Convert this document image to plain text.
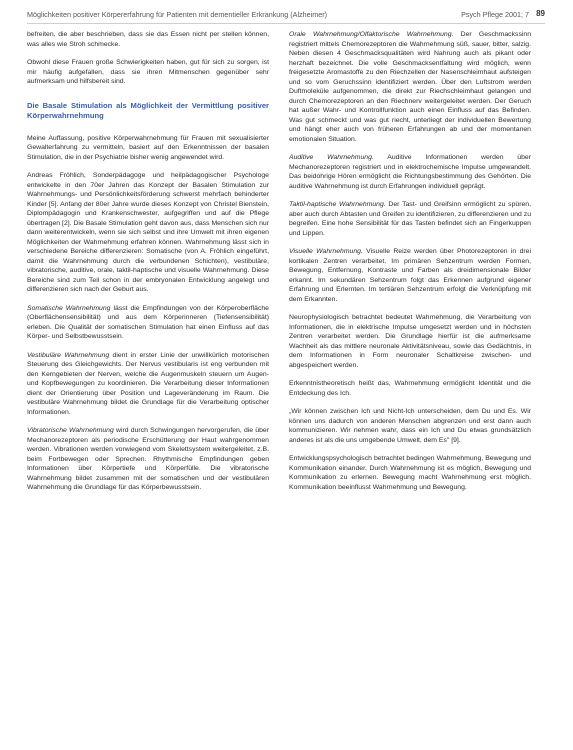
Möglichkeiten positiver Körpererfahrung für Patienten mit dementieller Erkrankung (Alzheimer)	Psych Pflege 2001; 7 89

befreiten, die aber beschrieben, dass sie das Essen nicht per stellen können, was alles wie Stroh schmecke.

Obwohl diese Frauen große Schwierigkeiten haben, gut für sich zu sorgen, ist mir häufig aufgefallen, dass sie ihren Mitmenschen gegenüber sehr aufmerksam und hilfsbereit sind.

Die Basale Stimulation als Möglichkeit der Vermittlung positiver Körperwahrnehmung

Meine Auffassung, positive Körperwahrnehmung für Frauen mit sexualisierter Gewalterfahrung zu vermitteln, basiert auf den Erkenntnissen der basalen Stimulation, die in der Psychiatrie bisher wenig angewendet wird.

Andreas Fröhlich, Sonderpädagoge und heilpädagogischer Psychologe entwickelte in den 70er Jahren das Konzept der Basalen Stimulation zur Wahrnehmungs- und Persönlichkeitsförderung schwerst mehrfach behinderter Kinder [5]. Anfang der 80er Jahre wurde dieses Konzept von Christel Bienstein, Diplompädagogin und Krankenschwester, aufgegriffen und auf die Pflege übertragen [2]. Die Basale Stimulation geht davon aus, dass Menschen sich nur dann weiterentwickeln, wenn sie sich selbst und ihre Umwelt mit ihren eigenen Möglichkeiten der Wahrnehmung erfahren können. Wahrnehmung lässt sich in verschiedene Bereiche differenzieren: Somatische (von A. Fröhlich eingeführt, damit die Wahrnehmung durch die verbundenen Schichten), vestibuläre, vibratorische, auditive, orale, taktil-haptische und visuelle Wahrnehmung. Diese Bereiche sind zum Teil schon in der embryonalen Entwicklung angelegt und differenzieren sich nach der Geburt aus.

Somatische Wahrnehmung lässt die Empfindungen von der Körperoberfläche (Oberflächensensibilität) und aus dem Körperinneren (Tiefensensibilität) erleben. Die Qualität der somatischen Stimulation hat einen Einfluss auf das Körper- und Selbstbewusstsein.

Vestibuläre Wahrnehmung dient in erster Linie der unwillkürlich motorischen Steuerung des Gleichgewichts. Der Nervus vestibularis ist eng verbunden mit den Kerngebieten der Nerven, welche die Augenmuskeln steuern um Augen- und Kopfbewegungen zu koordinieren. Die Verarbeitung dieser Informationen dient der Orientierung über Position und Lageveränderung im Raum. Die vestibuläre Wahrnehmung bildet die Grundlage für die Verarbeitung optischer Informationen.

Vibratorische Wahrnehmung wird durch Schwingungen hervorgerufen, die über Mechanorezeptoren als periodische Erschütterung der Haut wahrgenommen werden. Vibrationen werden vorwiegend vom Skelettsystem weitergeleitet, z.B. beim Fortbewegen oder Sprechen. Rhythmische Empfindungen geben Informationen über Körpertiefe und Körperfülle. Die vibratorische Wahrnehmung bildet zusammen mit der somatischen und der vestibulären Wahrnehmung die Grundlage für das Körperbewusstsein.

Orale Wahrnehmung/Olfaktorische Wahrnehmung. Der Geschmackssinn registriert mittels Chemorezeptoren die Wahrnehmung süß, sauer, bitter, salzig. Neben diesen 4 Geschmacksqualitäten wird Nahrung auch als pikant oder herzhaft bezeichnet. Die volle Geschmacksentfaltung wird möglich, wenn freigesetzte Aromastoffe zu den Riechzellen der Nasenschleimhaut aufsteigen und so vom Geruchssinn identifiziert werden. Über den Luftstrom werden Duftmoleküle aufgenommen, die direkt zur Riechschleimhaut gelangen und durch Chemorezeptoren an den Riechnerv weitergeleitet werden. Der Geruch hat außer Wahr- und Kontrollfunktion auch einen Einfluss auf das Befinden. Was gut schmeckt und was gut riecht, unterliegt der individuellen Bewertung und hängt eher auch von früheren Erfahrungen ab und der momentanen emotionalen Situation.

Auditive Wahrnehmung. Auditive Informationen werden über Mechanorezeptoren registriert und in elektrochemische Impulse umgewandelt. Das beidohrige Hören ermöglicht die Richtungsbestimmung des Gehörten. Die auditive Wahrnehmung ist durch Erfahrungen individuell geprägt.

Taktil-haptische Wahrnehmung. Der Tast- und Greifsinn ermöglicht zu spüren, aber auch durch Abtasten und Greifen zu identifizieren, zu differenzieren und zu begreifen. Eine hohe Sensibilität für das Tasten befindet sich an Fingerkuppen und Lippen.

Visuelle Wahrnehmung. Visuelle Reize werden über Photorezeptoren in drei kortikalen Zentren verarbeitet. Im primären Sehzentrum werden Formen, Bewegung, Entfernung, Kontraste und Farben als dreidimensionale Bilder erkannt. Im sekundären Sehzentrum folgt das Erkennen aufgrund eigener Erfahrung und Erlernten. Im tertiären Sehzentrum erfolgt die Verknüpfung mit dem Erkannten.

Neurophysiologisch betrachtet bedeutet Wahrnehmung, die Verarbeitung von Informationen, die in elektrische Impulse umgesetzt werden und in höchsten Zentren verarbeitet werden. Die Grundlage hierfür ist die aufmerksame Wachheit als das mittlere neuronale Aktivitätsniveau, sowie das Gedächtnis, in dem Informationen in Form neuronaler Schaltkreise zwischen- und abgespeichert werden.

Erkenntnistheoretisch heißt das, Wahrnehmung ermöglicht Identität und die Entdeckung des Ich.

„Wir können zwischen Ich und Nicht-Ich unterscheiden, dem Du und Es. Wir können uns dadurch von anderen Menschen abgrenzen und erst dann auch kommunizieren. Wir nehmen wahr, dass ein Ich und Du etwas grundsätzlich anderes ist als die uns umgebende Umwelt, dem Es" [9].

Entwicklungspsychologisch betrachtet bedingen Wahrnehmung, Bewegung und Kommunikation einander. Durch Wahrnehmung ist es möglich, Bewegung und Kommunikation zu erlernen. Bewegung macht Wahrnehmung erst möglich. Kommunikation beeinflusst Wahrnehmung und Bewegung.
